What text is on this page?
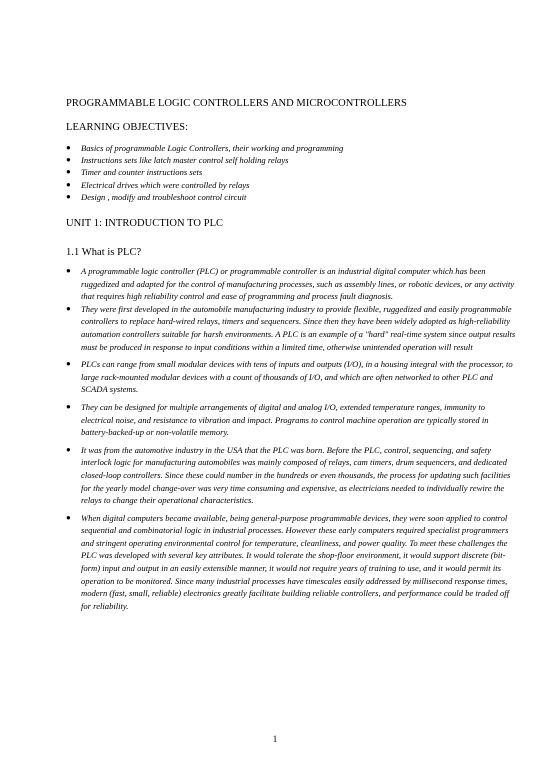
PROGRAMMABLE LOGIC CONTROLLERS AND MICROCONTROLLERS
LEARNING OBJECTIVES:
● Basics of programmable Logic Controllers, their working and programming
● Instructions sets like latch master control self holding relays
● Timer and counter instructions sets
● Electrical drives which were controlled by relays
● Design , modify and troubleshoot control circuit
UNIT 1: INTRODUCTION TO PLC
1.1 What is PLC?
● A programmable logic controller (PLC) or programmable controller is an industrial digital computer which has been ruggedized and adapted for the control of manufacturing processes, such as assembly lines, or robotic devices, or any activity that requires high reliability control and ease of programming and process fault diagnosis.
● They were first developed in the automobile manufacturing industry to provide flexible, ruggedized and easily programmable controllers to replace hard-wired relays, timers and sequencers. Since then they have been widely adopted as high-reliability automation controllers suitable for harsh environments. A PLC is an example of a "hard" real-time system since output results must be produced in response to input conditions within a limited time, otherwise unintended operation will result
● PLCs can range from small modular devices with tens of inputs and outputs (I/O), in a housing integral with the processor, to large rack-mounted modular devices with a count of thousands of I/O, and which are often networked to other PLC and SCADA systems.
● They can be designed for multiple arrangements of digital and analog I/O, extended temperature ranges, immunity to electrical noise, and resistance to vibration and impact. Programs to control machine operation are typically stored in battery-backed-up or non-volatile memory.
● It was from the automotive industry in the USA that the PLC was born. Before the PLC, control, sequencing, and safety interlock logic for manufacturing automobiles was mainly composed of relays, cam timers, drum sequencers, and dedicated closed-loop controllers. Since these could number in the hundreds or even thousands, the process for updating such facilities for the yearly model change-over was very time consuming and expensive, as electricians needed to individually rewire the relays to change their operational characteristics.
● When digital computers became available, being general-purpose programmable devices, they were soon applied to control sequential and combinatorial logic in industrial processes. However these early computers required specialist programmers and stringent operating environmental control for temperature, cleanliness, and power quality. To meet these challenges the PLC was developed with several key attributes. It would tolerate the shop-floor environment, it would support discrete (bit-form) input and output in an easily extensible manner, it would not require years of training to use, and it would permit its operation to be monitored. Since many industrial processes have timescales easily addressed by millisecond response times, modern (fast, small, reliable) electronics greatly facilitate building reliable controllers, and performance could be traded off for reliability.
1
